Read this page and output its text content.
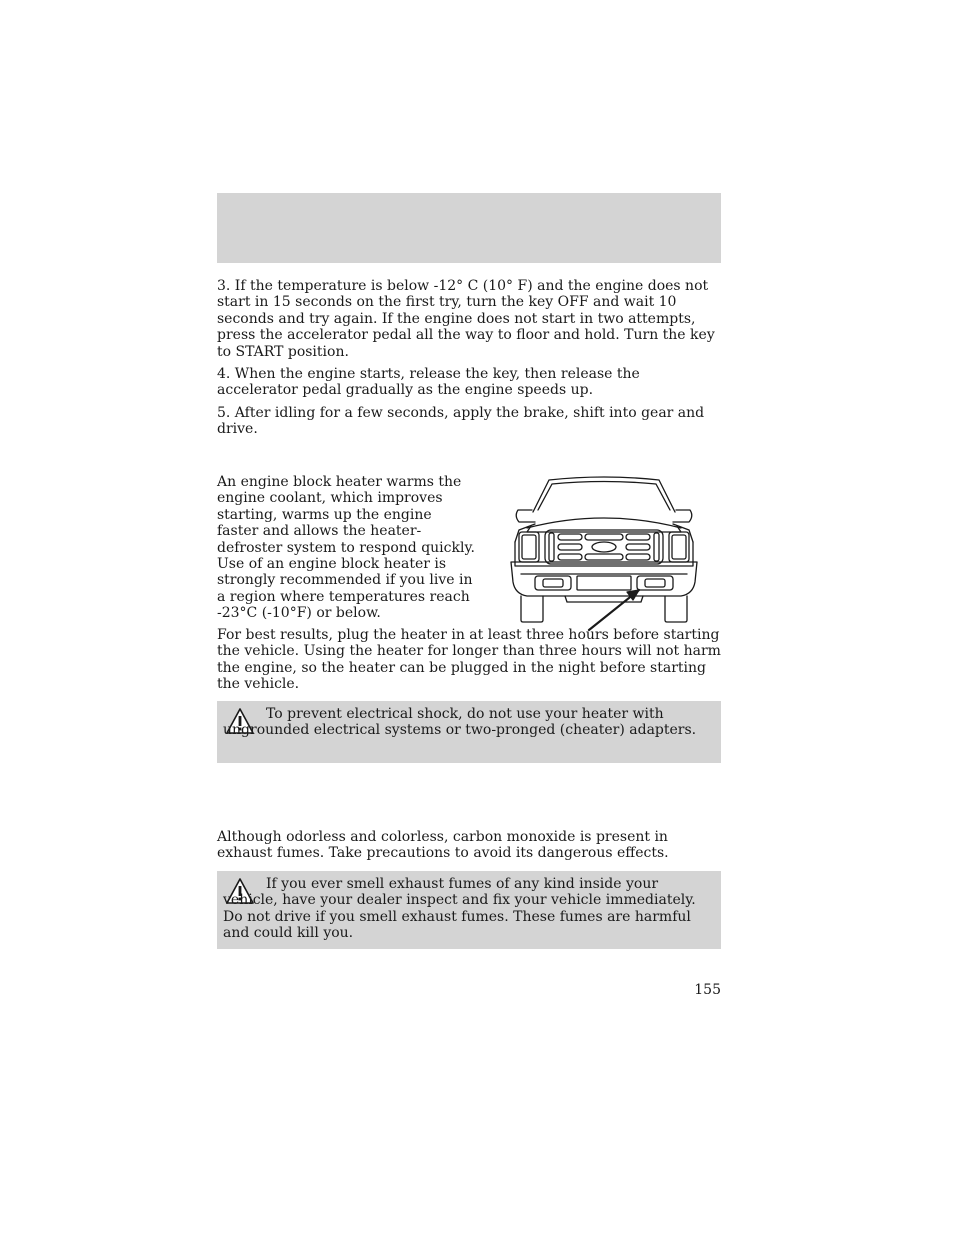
3. If the temperature is below -12° C (10° F) and the engine does not start in 15 seconds on the first try, turn the key OFF and wait 10 seconds and try again. If the engine does not start in two attempts, press the accelerator pedal all the way to floor and hold. Turn the key to START position.

4. When the engine starts, release the key, then release the accelerator pedal gradually as the engine speeds up.

5. After idling for a few seconds, apply the brake, shift into gear and drive.

An engine block heater warms the engine coolant, which improves starting, warms up the engine faster and allows the heater-defroster system to respond quickly. Use of an engine block heater is strongly recommended if you live in a region where temperatures reach -23°C (-10°F) or below.

For best results, plug the heater in at least three hours before starting the vehicle. Using the heater for longer than three hours will not harm the engine, so the heater can be plugged in the night before starting the vehicle.

To prevent electrical shock, do not use your heater with ungrounded electrical systems or two-pronged (cheater) adapters.

Although odorless and colorless, carbon monoxide is present in exhaust fumes. Take precautions to avoid its dangerous effects.

If you ever smell exhaust fumes of any kind inside your vehicle, have your dealer inspect and fix your vehicle immediately. Do not drive if you smell exhaust fumes. These fumes are harmful and could kill you.

155
